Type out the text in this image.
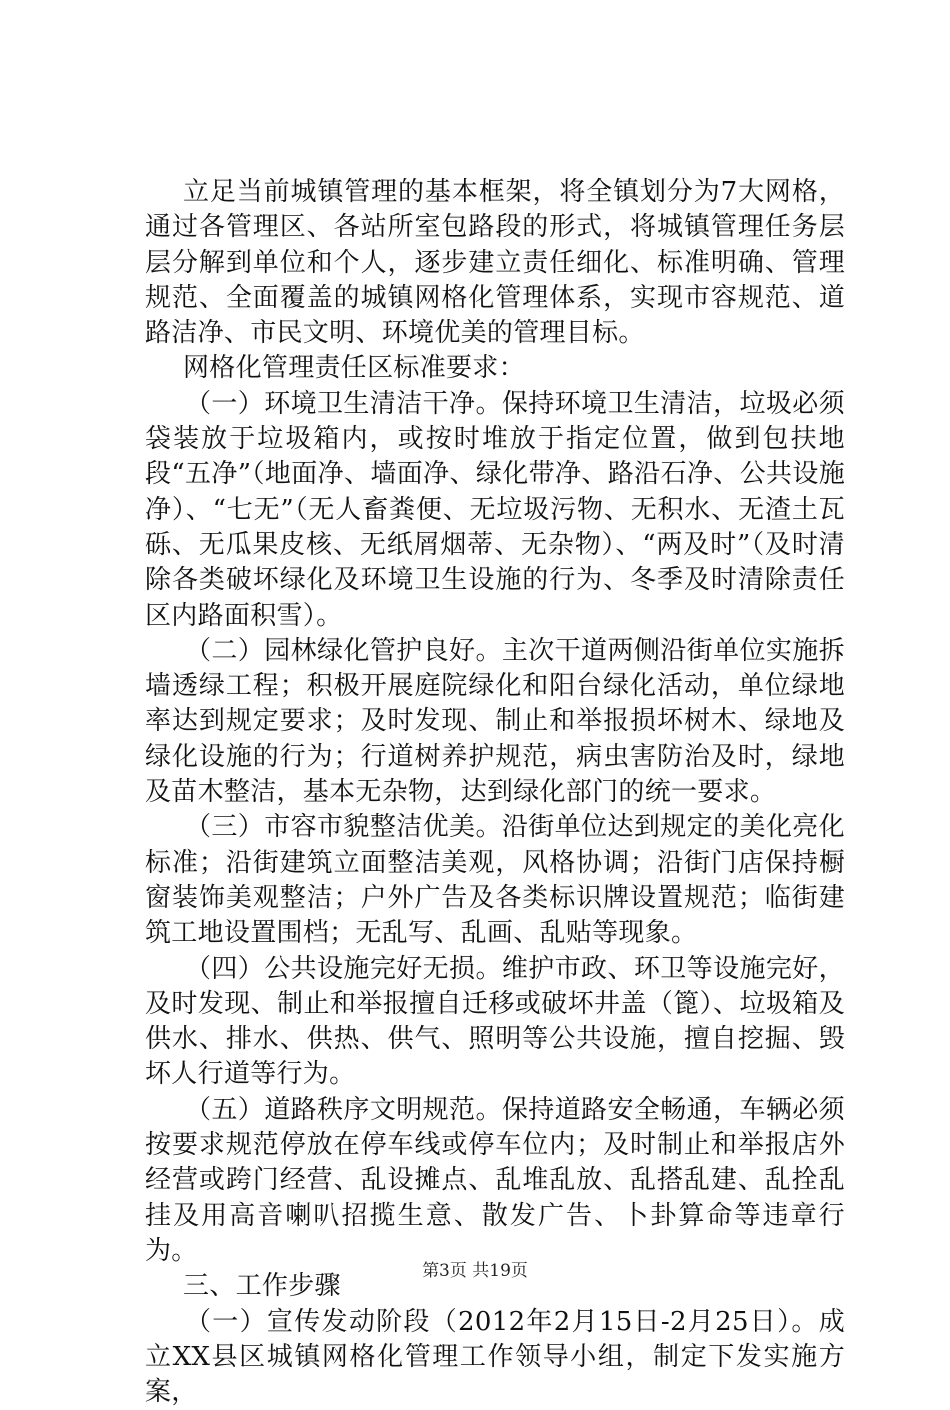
立足当前城镇管理的基本框架，将全镇划分为7大网格，通过各管理区、各站所室包路段的形式，将城镇管理任务层层分解到单位和个人，逐步建立责任细化、标准明确、管理规范、全面覆盖的城镇网格化管理体系，实现市容规范、道路洁净、市民文明、环境优美的管理目标。

网格化管理责任区标准要求：

（一）环境卫生清洁干净。保持环境卫生清洁，垃圾必须袋装放于垃圾箱内，或按时堆放于指定位置，做到包扶地段“五净”（地面净、墙面净、绿化带净、路沿石净、公共设施净）、“七无”（无人畜粪便、无垃圾污物、无积水、无渣土瓦砾、无瓜果皮核、无纸屑烟蒂、无杂物）、“两及时”（及时清除各类破坏绿化及环境卫生设施的行为、冬季及时清除责任区内路面积雪）。

（二）园林绿化管护良好。主次干道两侧沿街单位实施拆墙透绿工程；积极开展庭院绿化和阳台绿化活动，单位绿地率达到规定要求；及时发现、制止和举报损坏树木、绿地及绿化设施的行为；行道树养护规范，病虫害防治及时，绿地及苗木整洁，基本无杂物，达到绿化部门的统一要求。

（三）市容市貌整洁优美。沿街单位达到规定的美化亮化标准；沿街建筑立面整洁美观，风格协调；沿街门店保持橱窗装饰美观整洁；户外广告及各类标识牌设置规范；临街建筑工地设置围档；无乱写、乱画、乱贴等现象。

（四）公共设施完好无损。维护市政、环卫等设施完好，及时发现、制止和举报擅自迁移或破坏井盖（篦）、垃圾箱及供水、排水、供热、供气、照明等公共设施，擅自挖掘、毁坏人行道等行为。

（五）道路秩序文明规范。保持道路安全畅通，车辆必须按要求规范停放在停车线或停车位内；及时制止和举报店外经营或跨门经营、乱设摊点、乱堆乱放、乱搭乱建、乱拴乱挂及用高音喇叭招揽生意、散发广告、卜卦算命等违章行为。

三、工作步骤

（一）宣传发动阶段（2012年2月15日-2月25日）。成立XX县区城镇网格化管理工作领导小组，制定下发实施方案，

第3页 共19页
